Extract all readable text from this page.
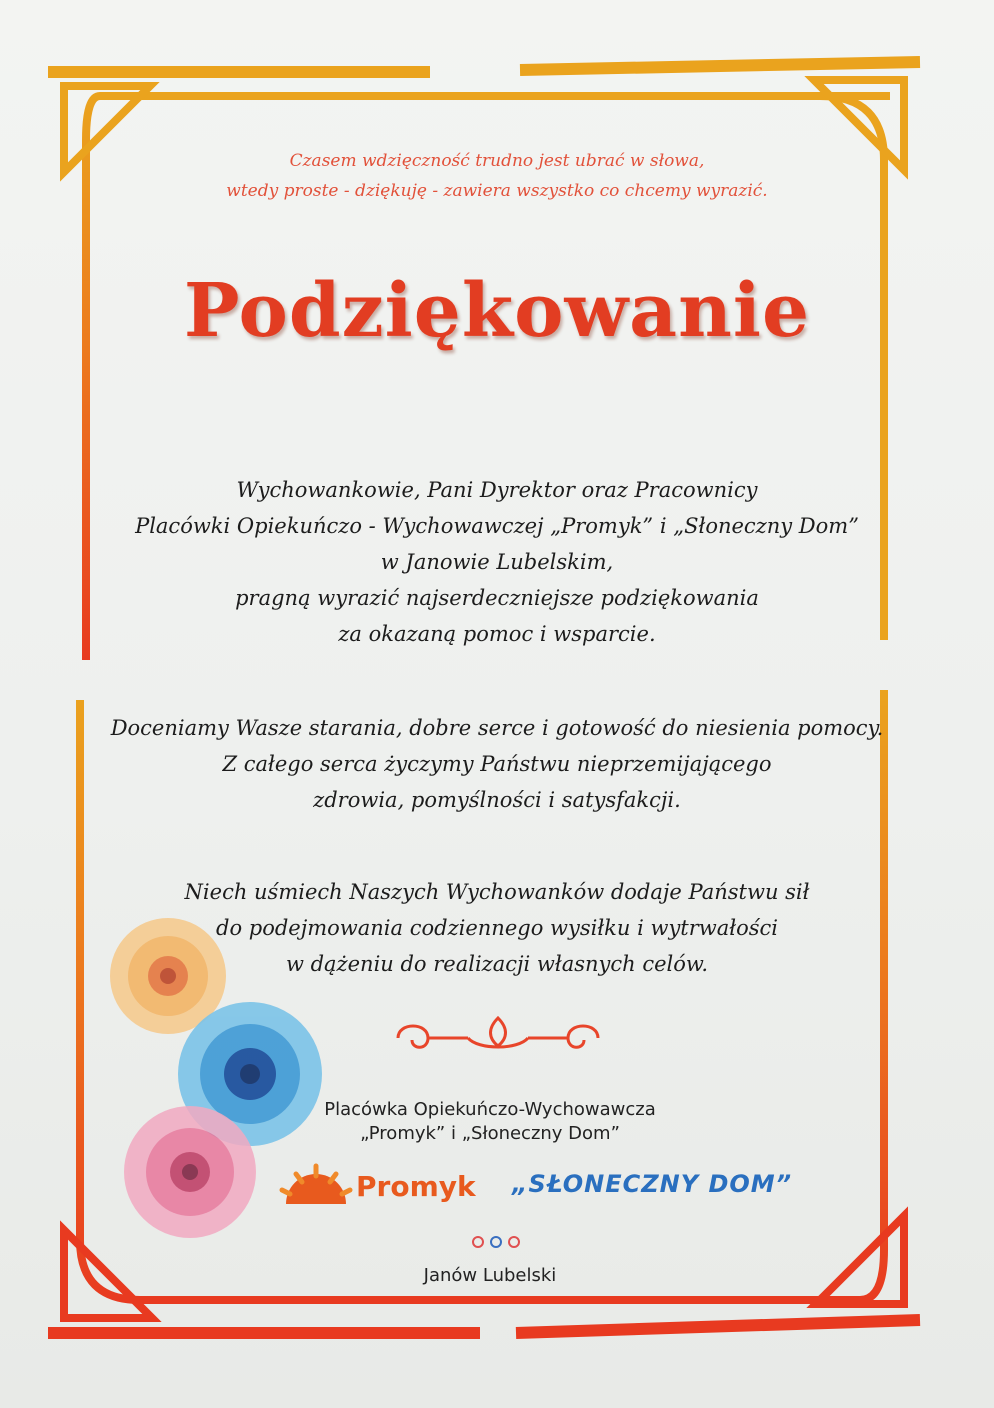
Czasem wdzięczność trudno jest ubrać w słowa,
wtedy proste - dziękuję - zawiera wszystko co chcemy wyrazić.
Podziękowanie
Wychowankowie, Pani Dyrektor oraz Pracownicy
Placówki Opiekuńczo - Wychowawczej „Promyk” i „Słoneczny Dom”
w Janowie Lubelskim,
pragną wyrazić najserdeczniejsze podziękowania
za okazaną pomoc i wsparcie.
Doceniamy Wasze starania, dobre serce i gotowość do niesienia pomocy.
Z całego serca życzymy Państwu nieprzemijającego
zdrowia, pomyślności i satysfakcji.
Niech uśmiech Naszych Wychowanków dodaje Państwu sił
do podejmowania codziennego wysiłku i wytrwałości
w dążeniu do realizacji własnych celów.
Placówka Opiekuńczo-Wychowawcza
„Promyk” i „Słoneczny Dom”
Promyk „SŁONECZNY DOM”
Janów Lubelski
